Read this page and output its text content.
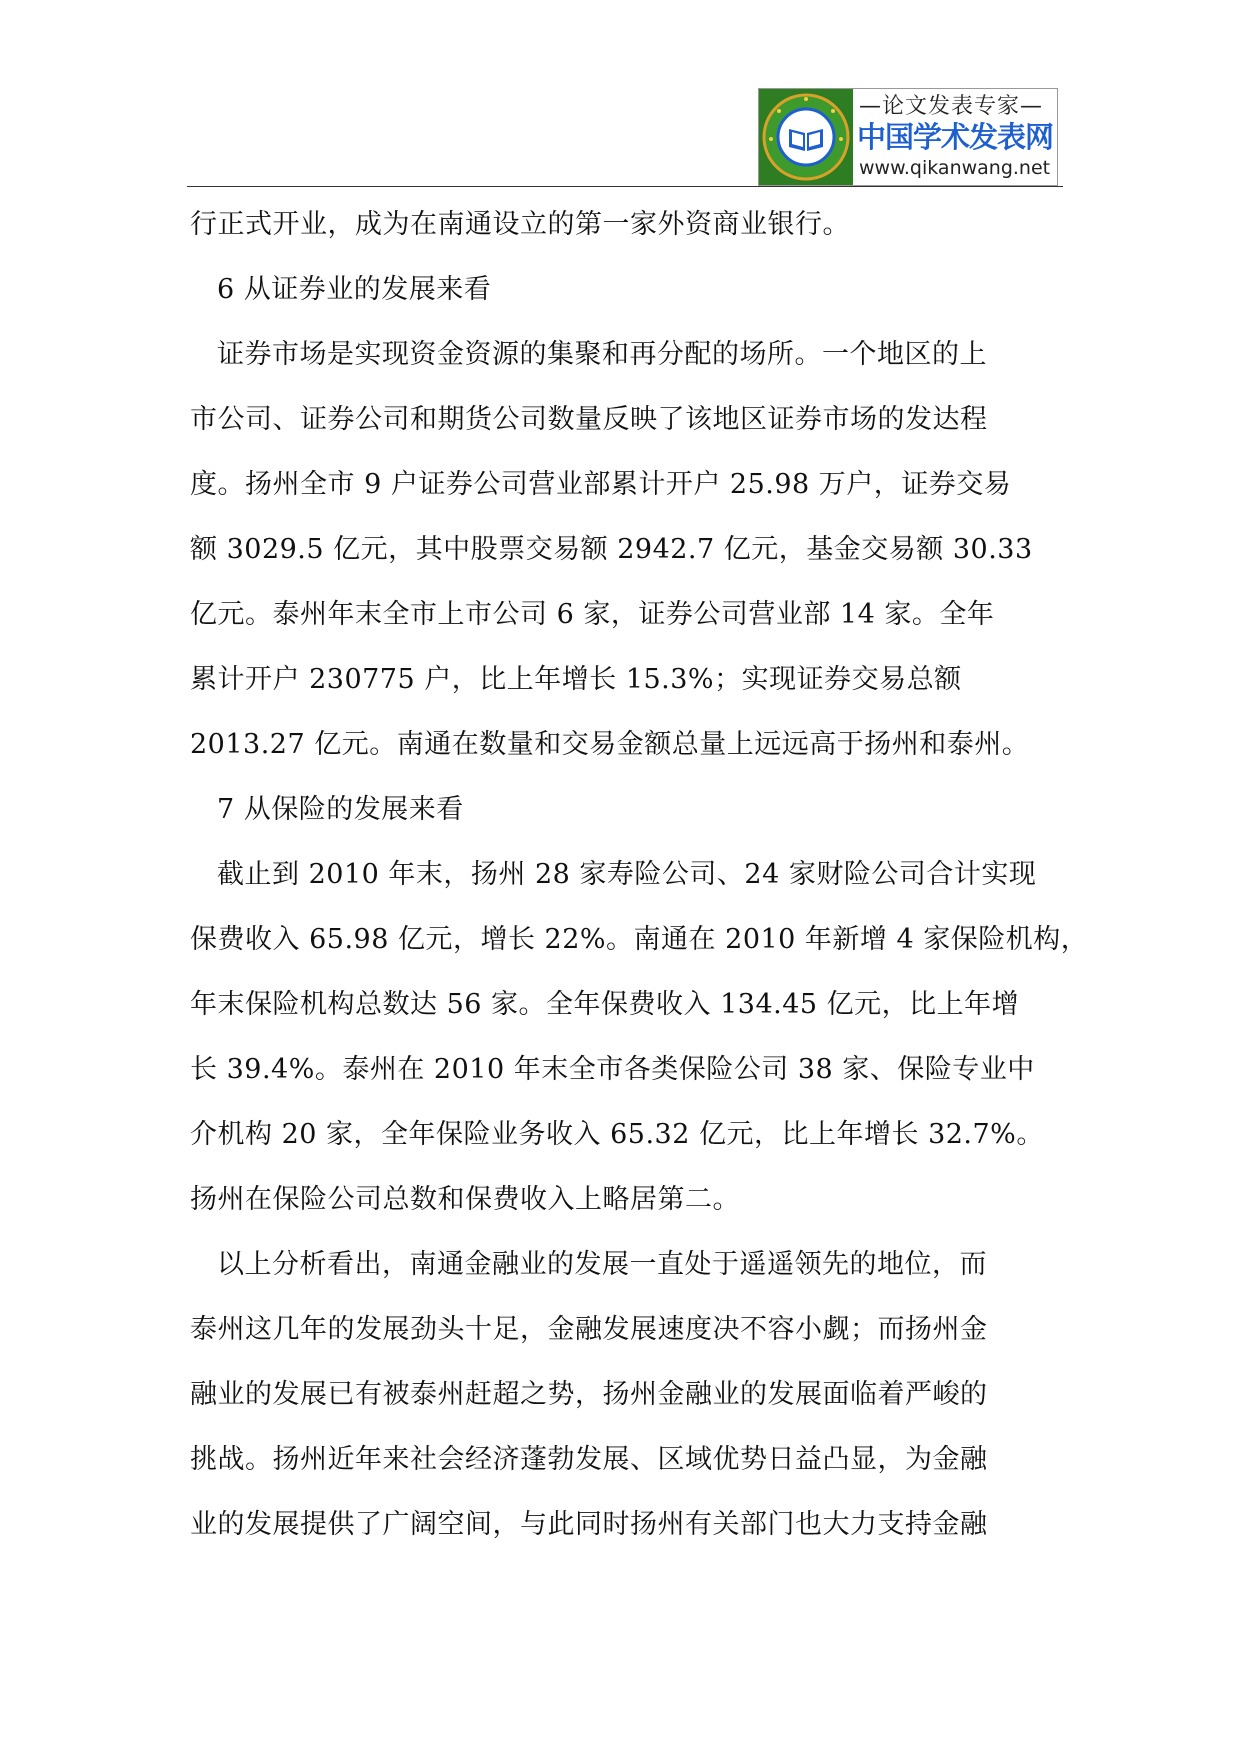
—论文发表专家—
中国学术发表网
www.qikanwang.net
行正式开业，成为在南通设立的第一家外资商业银行。
6 从证券业的发展来看
证券市场是实现资金资源的集聚和再分配的场所。一个地区的上
市公司、证券公司和期货公司数量反映了该地区证券市场的发达程
度。扬州全市 9 户证券公司营业部累计开户 25.98 万户，证券交易
额 3029.5 亿元，其中股票交易额 2942.7 亿元，基金交易额 30.33
亿元。泰州年末全市上市公司 6 家，证券公司营业部 14 家。全年
累计开户 230775 户，比上年增长 15.3%；实现证券交易总额
2013.27 亿元。南通在数量和交易金额总量上远远高于扬州和泰州。
7 从保险的发展来看
截止到 2010 年末，扬州 28 家寿险公司、24 家财险公司合计实现
保费收入 65.98 亿元，增长 22%。南通在 2010 年新增 4 家保险机构，
年末保险机构总数达 56 家。全年保费收入 134.45 亿元，比上年增
长 39.4%。泰州在 2010 年末全市各类保险公司 38 家、保险专业中
介机构 20 家，全年保险业务收入 65.32 亿元，比上年增长 32.7%。
扬州在保险公司总数和保费收入上略居第二。
以上分析看出，南通金融业的发展一直处于遥遥领先的地位，而
泰州这几年的发展劲头十足，金融发展速度决不容小觑；而扬州金
融业的发展已有被泰州赶超之势，扬州金融业的发展面临着严峻的
挑战。扬州近年来社会经济蓬勃发展、区域优势日益凸显，为金融
业的发展提供了广阔空间，与此同时扬州有关部门也大力支持金融
